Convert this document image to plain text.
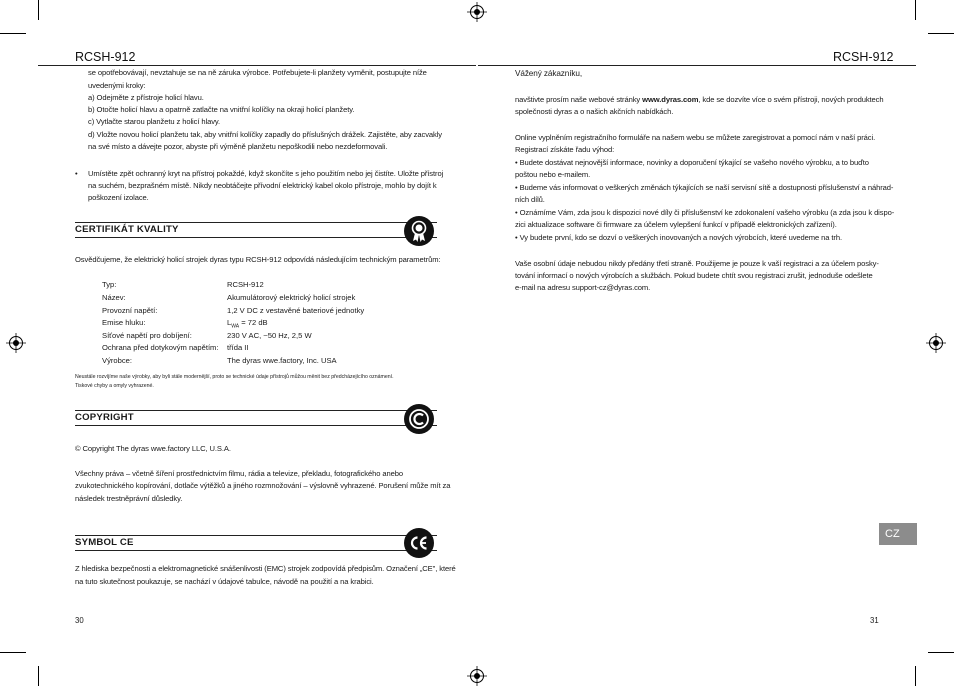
RCSH-912
se opotřebovávají, nevztahuje se na ně záruka výrobce. Potřebujete-li planžety vyměnit, postupujte níže
uvedenými kroky:
a) Odejměte z přístroje holicí hlavu.
b) Otočte holicí hlavu a opatrně zatlačte na vnitřní kolíčky na okraji holicí planžety.
c) Vytlačte starou planžetu z holicí hlavy.
d) Vložte novou holicí planžetu tak, aby vnitřní kolíčky zapadly do příslušných drážek. Zajistěte, aby zacvakly
na své místo a dávejte pozor, abyste při výměně planžetu nepoškodili nebo nezdeformovali.
• Umístěte zpět ochranný kryt na přístroj pokaždé, když skončíte s jeho použitím nebo jej čistíte. Uložte přístroj
na suchém, bezprašném místě. Nikdy neobtáčejte přívodní elektrický kabel okolo přístroje, mohlo by dojít k
poškození izolace.
CERTIFIKÁT KVALITY
Osvědčujeme, že elektrický holicí strojek dyras typu RCSH-912 odpovídá následujícím technickým parametrům:
Typ:	RCSH-912
Název:	Akumulátorový elektrický holicí strojek
Provozní napětí:	1,2 V DC z vestavěné bateriové jednotky
Emise hluku:	$L_{WA} = 72$ dB
Síťové napětí pro dobíjení:	230 V AC, ~50 Hz, 2,5 W
Ochrana před dotykovým napětím: třída II
Výrobce:	The dyras wwe.factory, Inc. USA
Neustále rozvíjíme naše výrobky, aby byli stále modernější, proto se technické údaje přístrojů můžou měnit bez předcházejícího oznámení.
Tiskové chyby a omyly vyhrazené.
COPYRIGHT
© Copyright The dyras wwe.factory LLC, U.S.A.
Všechny práva – včetně šíření prostřednictvím filmu, rádia a televize, překladu, fotografického anebo
zvukotechnického kopírování, dotlače výtěžků a jiného rozmnožování – výslovně vyhrazené. Porušení může mít za
následek trestněprávní důsledky.
SYMBOL CE
Z hlediska bezpečnosti a elektromagnetické snášenlivosti (EMC) strojek zodpovídá předpisům. Označení „CE", které
na tuto skutečnost poukazuje, se nachází v údajové tabulce, návodě na použití a na krabici.
30
RCSH-912
Vážený zákazníku,
navštivte prosím naše webové stránky www.dyras.com, kde se dozvíte více o svém přístroji, nových produktech
společnosti dyras a o našich akčních nabídkách.
Online vyplněním registračního formuláře na našem webu se můžete zaregistrovat a pomocí nám v naší práci.
Registrací získáte řadu výhod:
• Budete dostávat nejnovější informace, novinky a doporučení týkající se vašeho nového výrobku, a to buďto
poštou nebo e-mailem.
• Budeme vás informovat o veškerých změnách týkajících se naší servisní sítě a dostupnosti příslušenství a náhrad-
ních dílů.
• Oznámíme Vám, zda jsou k dispozici nové díly či příslušenství ke zdokonalení vašeho výrobku (a zda jsou k dispo-
zici aktualizace software či firmware za účelem vylepšení funkcí v případě elektronických zařízení).
• Vy budete první, kdo se dozví o veškerých inovovaných a nových výrobcích, které uvedeme na trh.
Vaše osobní údaje nebudou nikdy předány třetí straně. Použijeme je pouze k vaší registraci a za účelem posky-
tování informací o nových výrobcích a službách. Pokud budete chtít svou registraci zrušit, jednoduše odešlete
e-mail na adresu support-cz@dyras.com.
CZ
31
